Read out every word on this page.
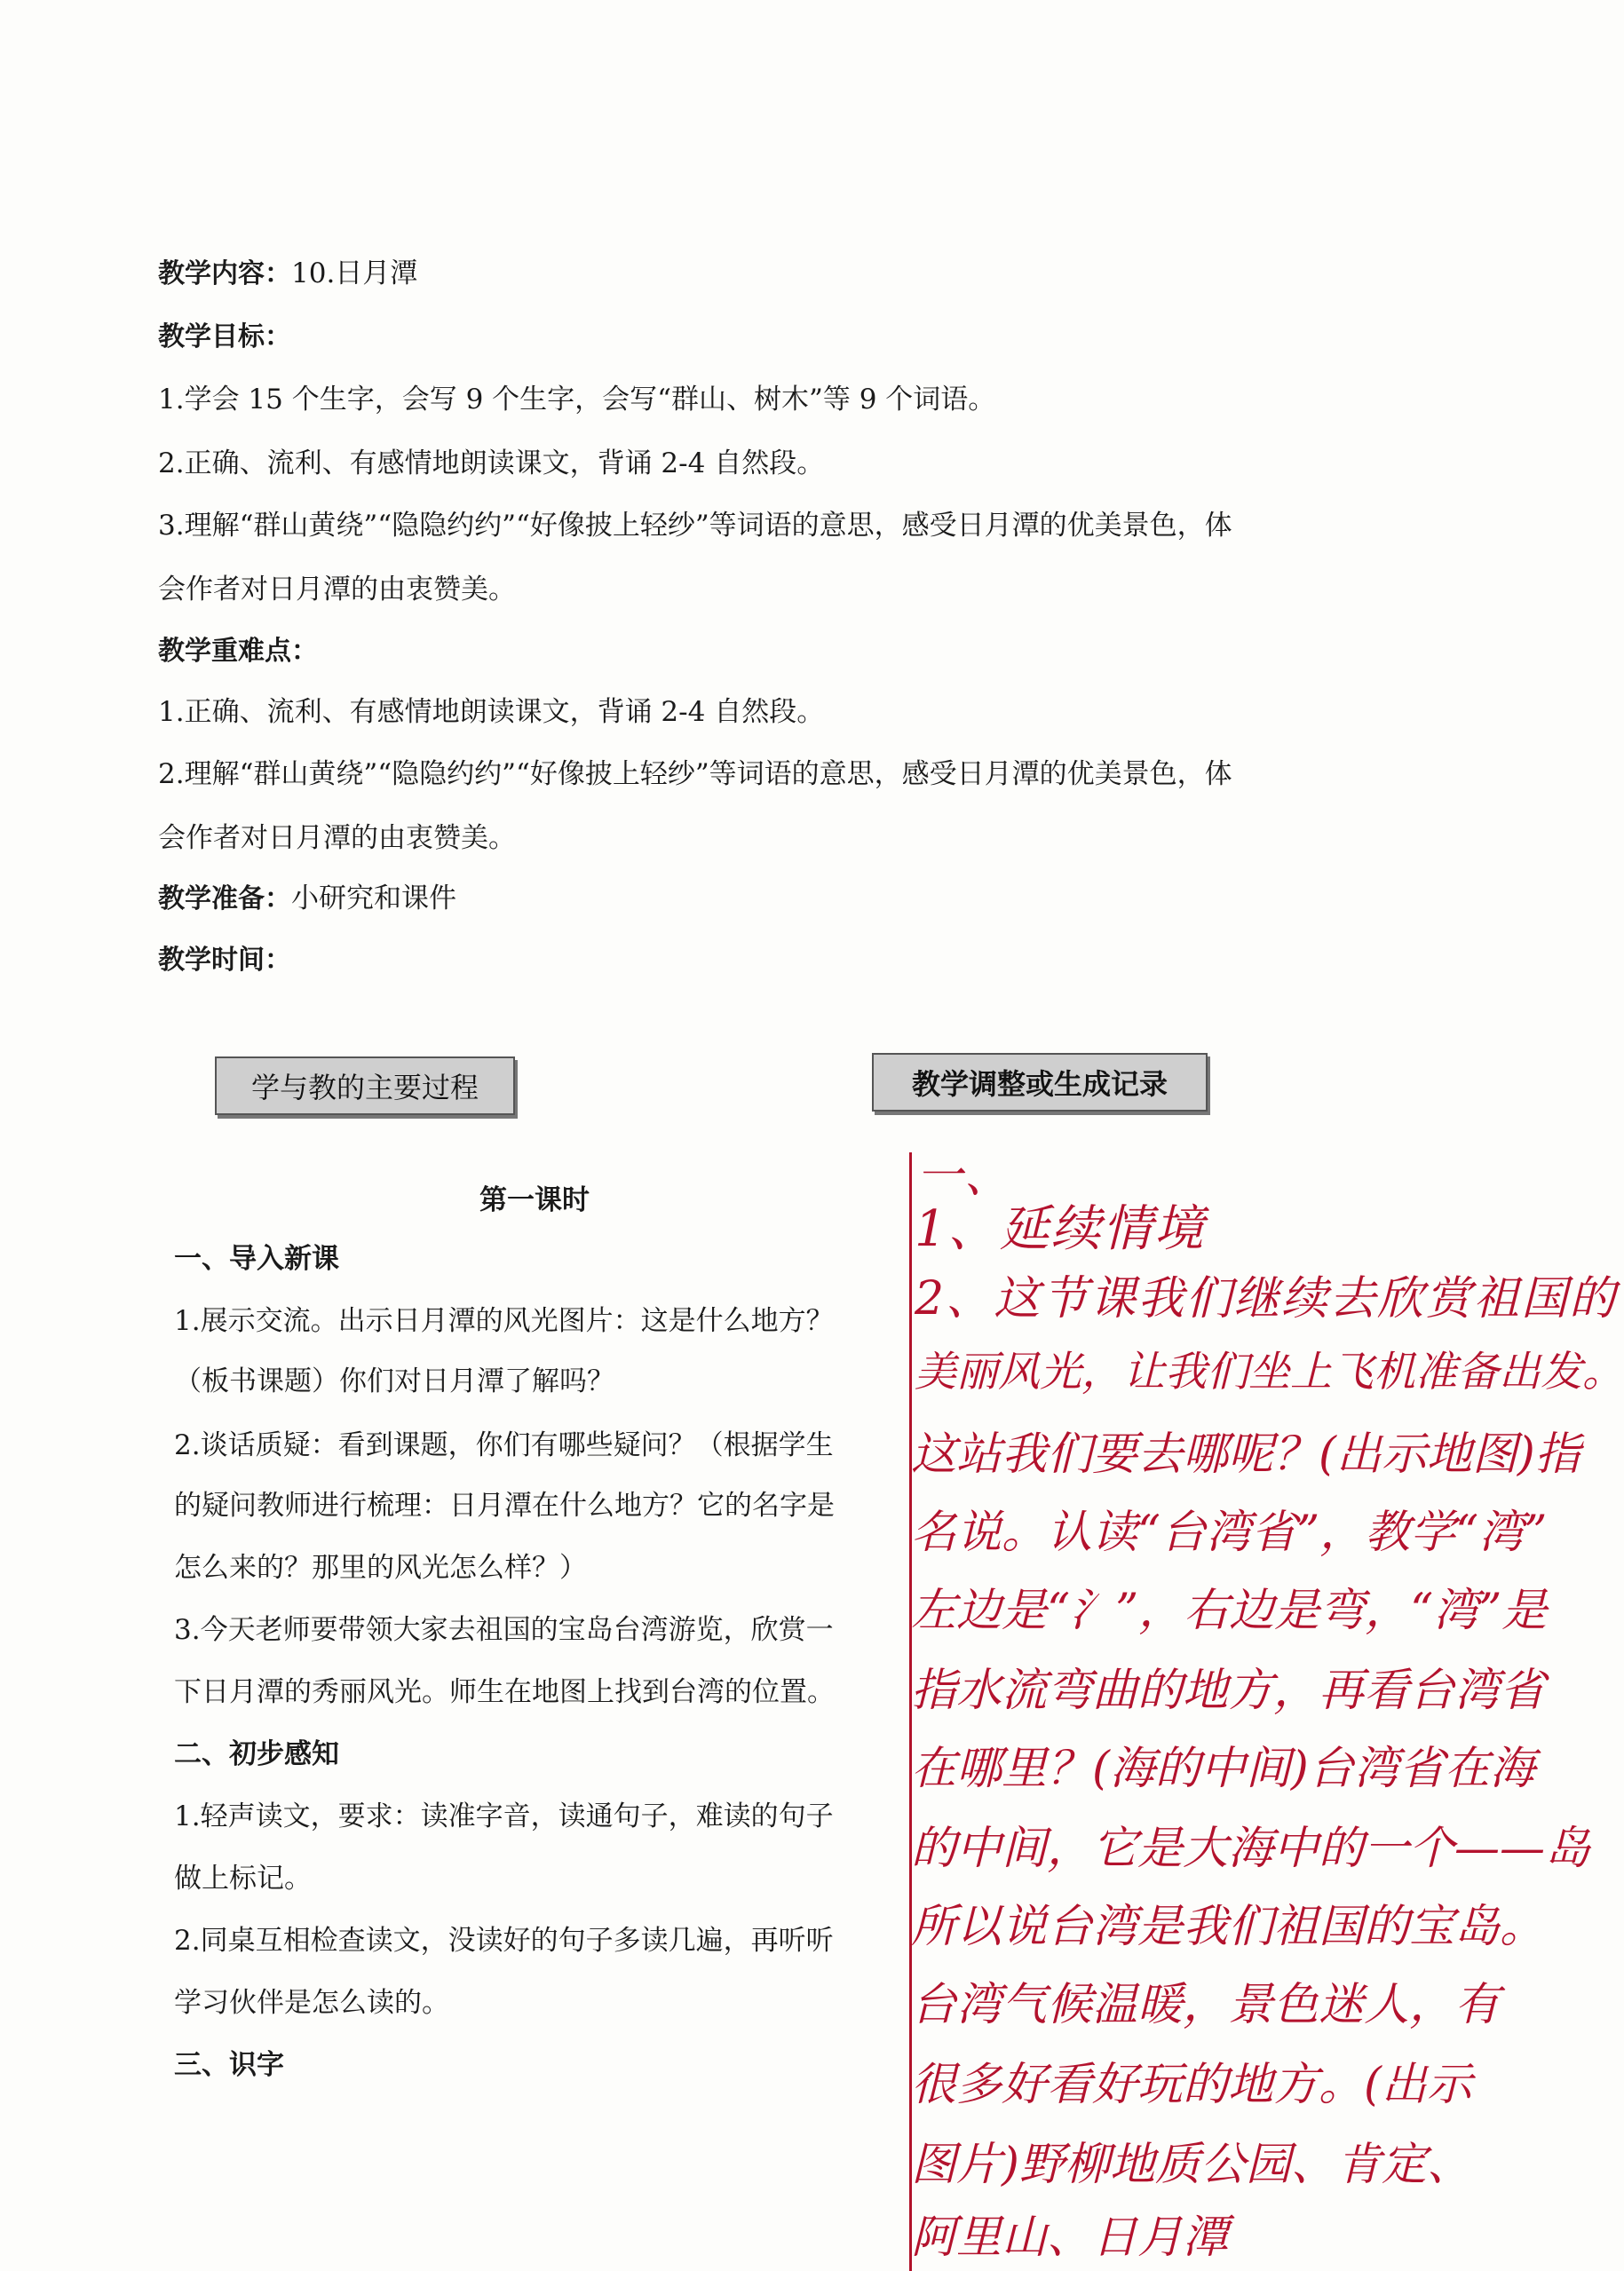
教学内容：10.日月潭
教学目标：
1.学会 15 个生字，会写 9 个生字，会写“群山、树木”等 9 个词语。
2.正确、流利、有感情地朗读课文，背诵 2-4 自然段。
3.理解“群山黄绕”“隐隐约约”“好像披上轻纱”等词语的意思，感受日月潭的优美景色，体
会作者对日月潭的由衷赞美。
教学重难点：
1.正确、流利、有感情地朗读课文，背诵 2-4 自然段。
2.理解“群山黄绕”“隐隐约约”“好像披上轻纱”等词语的意思，感受日月潭的优美景色，体
会作者对日月潭的由衷赞美。
教学准备：小研究和课件
教学时间：
学与教的主要过程	教学调整或生成记录
第一课时
一、导入新课
1.展示交流。出示日月潭的风光图片：这是什么地方？
（板书课题）你们对日月潭了解吗？
2.谈话质疑：看到课题，你们有哪些疑问？（根据学生
的疑问教师进行梳理：日月潭在什么地方？它的名字是
怎么来的？那里的风光怎么样？）
3.今天老师要带领大家去祖国的宝岛台湾游览，欣赏一
下日月潭的秀丽风光。师生在地图上找到台湾的位置。
二、初步感知
1.轻声读文，要求：读准字音，读通句子，难读的句子
做上标记。
2.同桌互相检查读文，没读好的句子多读几遍，再听听
学习伙伴是怎么读的。
三、识字
一、
1、延续情境
2、这节课我们继续去欣赏祖国的
美丽风光，让我们坐上飞机准备出发。
这站我们要去哪呢？(出示地图)指
名说。认读“台湾省”，教学“湾”
左边是“氵”，右边是弯，“湾”是
指水流弯曲的地方，再看台湾省
在哪里？(海的中间)台湾省在海
的中间，它是大海中的一个——岛
所以说台湾是我们祖国的宝岛。
台湾气候温暖，景色迷人，有
很多好看好玩的地方。(出示
图片)野柳地质公园、肯定、
阿里山、日月潭
